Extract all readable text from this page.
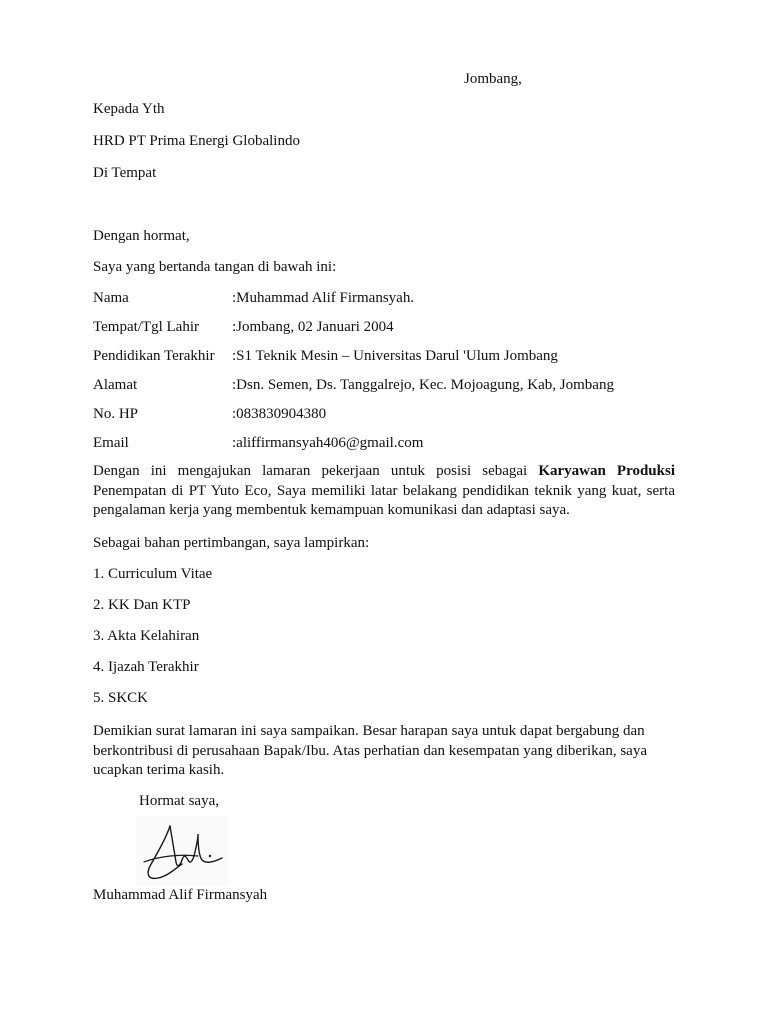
Jombang,
Kepada Yth
HRD PT Prima Energi Globalindo
Di Tempat
Dengan hormat,
Saya yang bertanda tangan di bawah ini:
Nama	:Muhammad Alif Firmansyah.
Tempat/Tgl Lahir :Jombang, 02 Januari 2004
Pendidikan Terakhir :S1 Teknik Mesin – Universitas Darul 'Ulum Jombang
Alamat	:Dsn. Semen, Ds. Tanggalrejo, Kec. Mojoagung, Kab, Jombang
No. HP	:083830904380
Email	:aliffirmansyah406@gmail.com
Dengan ini mengajukan lamaran pekerjaan untuk posisi sebagai Karyawan Produksi Penempatan di PT Yuto Eco, Saya memiliki latar belakang pendidikan teknik yang kuat, serta pengalaman kerja yang membentuk kemampuan komunikasi dan adaptasi saya.
Sebagai bahan pertimbangan, saya lampirkan:
1. Curriculum Vitae
2. KK Dan KTP
3. Akta Kelahiran
4. Ijazah Terakhir
5. SKCK
Demikian surat lamaran ini saya sampaikan. Besar harapan saya untuk dapat bergabung dan berkontribusi di perusahaan Bapak/Ibu. Atas perhatian dan kesempatan yang diberikan, saya ucapkan terima kasih.
Hormat saya,
Muhammad Alif Firmansyah
